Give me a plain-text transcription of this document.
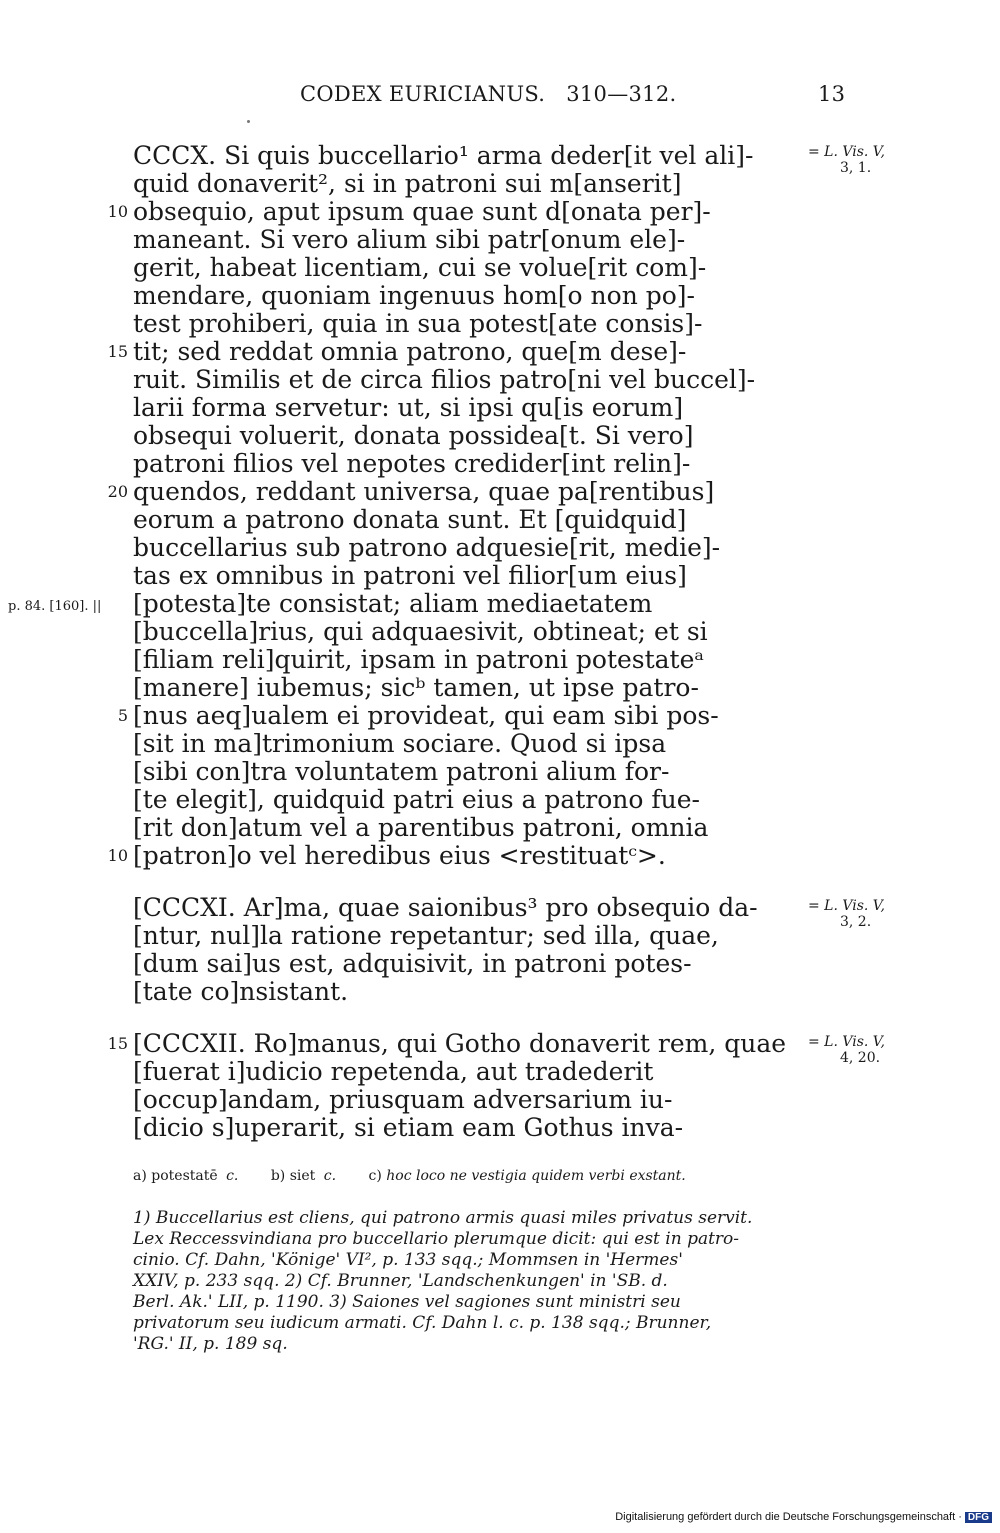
CODEX EURICIANUS. 310—312.	13
= L. Vis. V,
3, 1.
= L. Vis. V,
3, 2.
= L. Vis. V,
4, 20.
p. 84. [160]. ||
10
15
20
5
10
15
CCCX. Si quis buccellario¹ arma deder[it vel ali]-
quid donaverit², si in patroni sui m[anserit]
obsequio, aput ipsum quae sunt d[onata per]-
maneant. Si vero alium sibi patr[onum ele]-
gerit, habeat licentiam, cui se volue[rit com]-
mendare, quoniam ingenuus hom[o non po]-
test prohiberi, quia in sua potest[ate consis]-
tit; sed reddat omnia patrono, que[m dese]-
ruit. Similis et de circa filios patro[ni vel buccel]-
larii forma servetur: ut, si ipsi qu[is eorum]
obsequi voluerit, donata possidea[t. Si vero]
patroni filios vel nepotes credider[int relin]-
quendos, reddant universa, quae pa[rentibus]
eorum a patrono donata sunt. Et [quidquid]
buccellarius sub patrono adquesie[rit, medie]-
tas ex omnibus in patroni vel filior[um eius]
[potesta]te consistat; aliam mediaetatem
[buccella]rius, qui adquaesivit, obtineat; et si
[filiam reli]quirit, ipsam in patroni potestateᵃ
[manere] iubemus; sicᵇ tamen, ut ipse patro-
[nus aeq]ualem ei provideat, qui eam sibi pos-
[sit in ma]trimonium sociare. Quod si ipsa
[sibi con]tra voluntatem patroni alium for-
[te elegit], quidquid patri eius a patrono fue-
[rit don]atum vel a parentibus patroni, omnia
[patron]o vel heredibus eius <restituatᶜ>.
[CCCXI. Ar]ma, quae saionibus³ pro obsequio da-
[ntur, nul]la ratione repetantur; sed illa, quae,
[dum sai]us est, adquisivit, in patroni potes-
[tate co]nsistant.
[CCCXII. Ro]manus, qui Gotho donaverit rem, quae
[fuerat i]udicio repetenda, aut tradederit
[occup]andam, priusquam adversarium iu-
[dicio s]uperarit, si etiam eam Gothus inva-
a) potestatē c. b) siet c. c) hoc loco ne vestigia quidem verbi exstant.
1) Buccellarius est cliens, qui patrono armis quasi miles privatus servit.
Lex Reccessvindiana pro buccellario plerumque dicit: qui est in patro-
cinio. Cf. Dahn, 'Könige' VI², p. 133 sqq.; Mommsen in 'Hermes'
XXIV, p. 233 sqq. 2) Cf. Brunner, 'Landschenkungen' in 'SB. d.
Berl. Ak.' LII, p. 1190. 3) Saiones vel sagiones sunt ministri seu
privatorum seu iudicum armati. Cf. Dahn l. c. p. 138 sqq.; Brunner,
'RG.' II, p. 189 sq.
Digitalisierung gefördert durch die Deutsche Forschungsgemeinschaft · DFG
